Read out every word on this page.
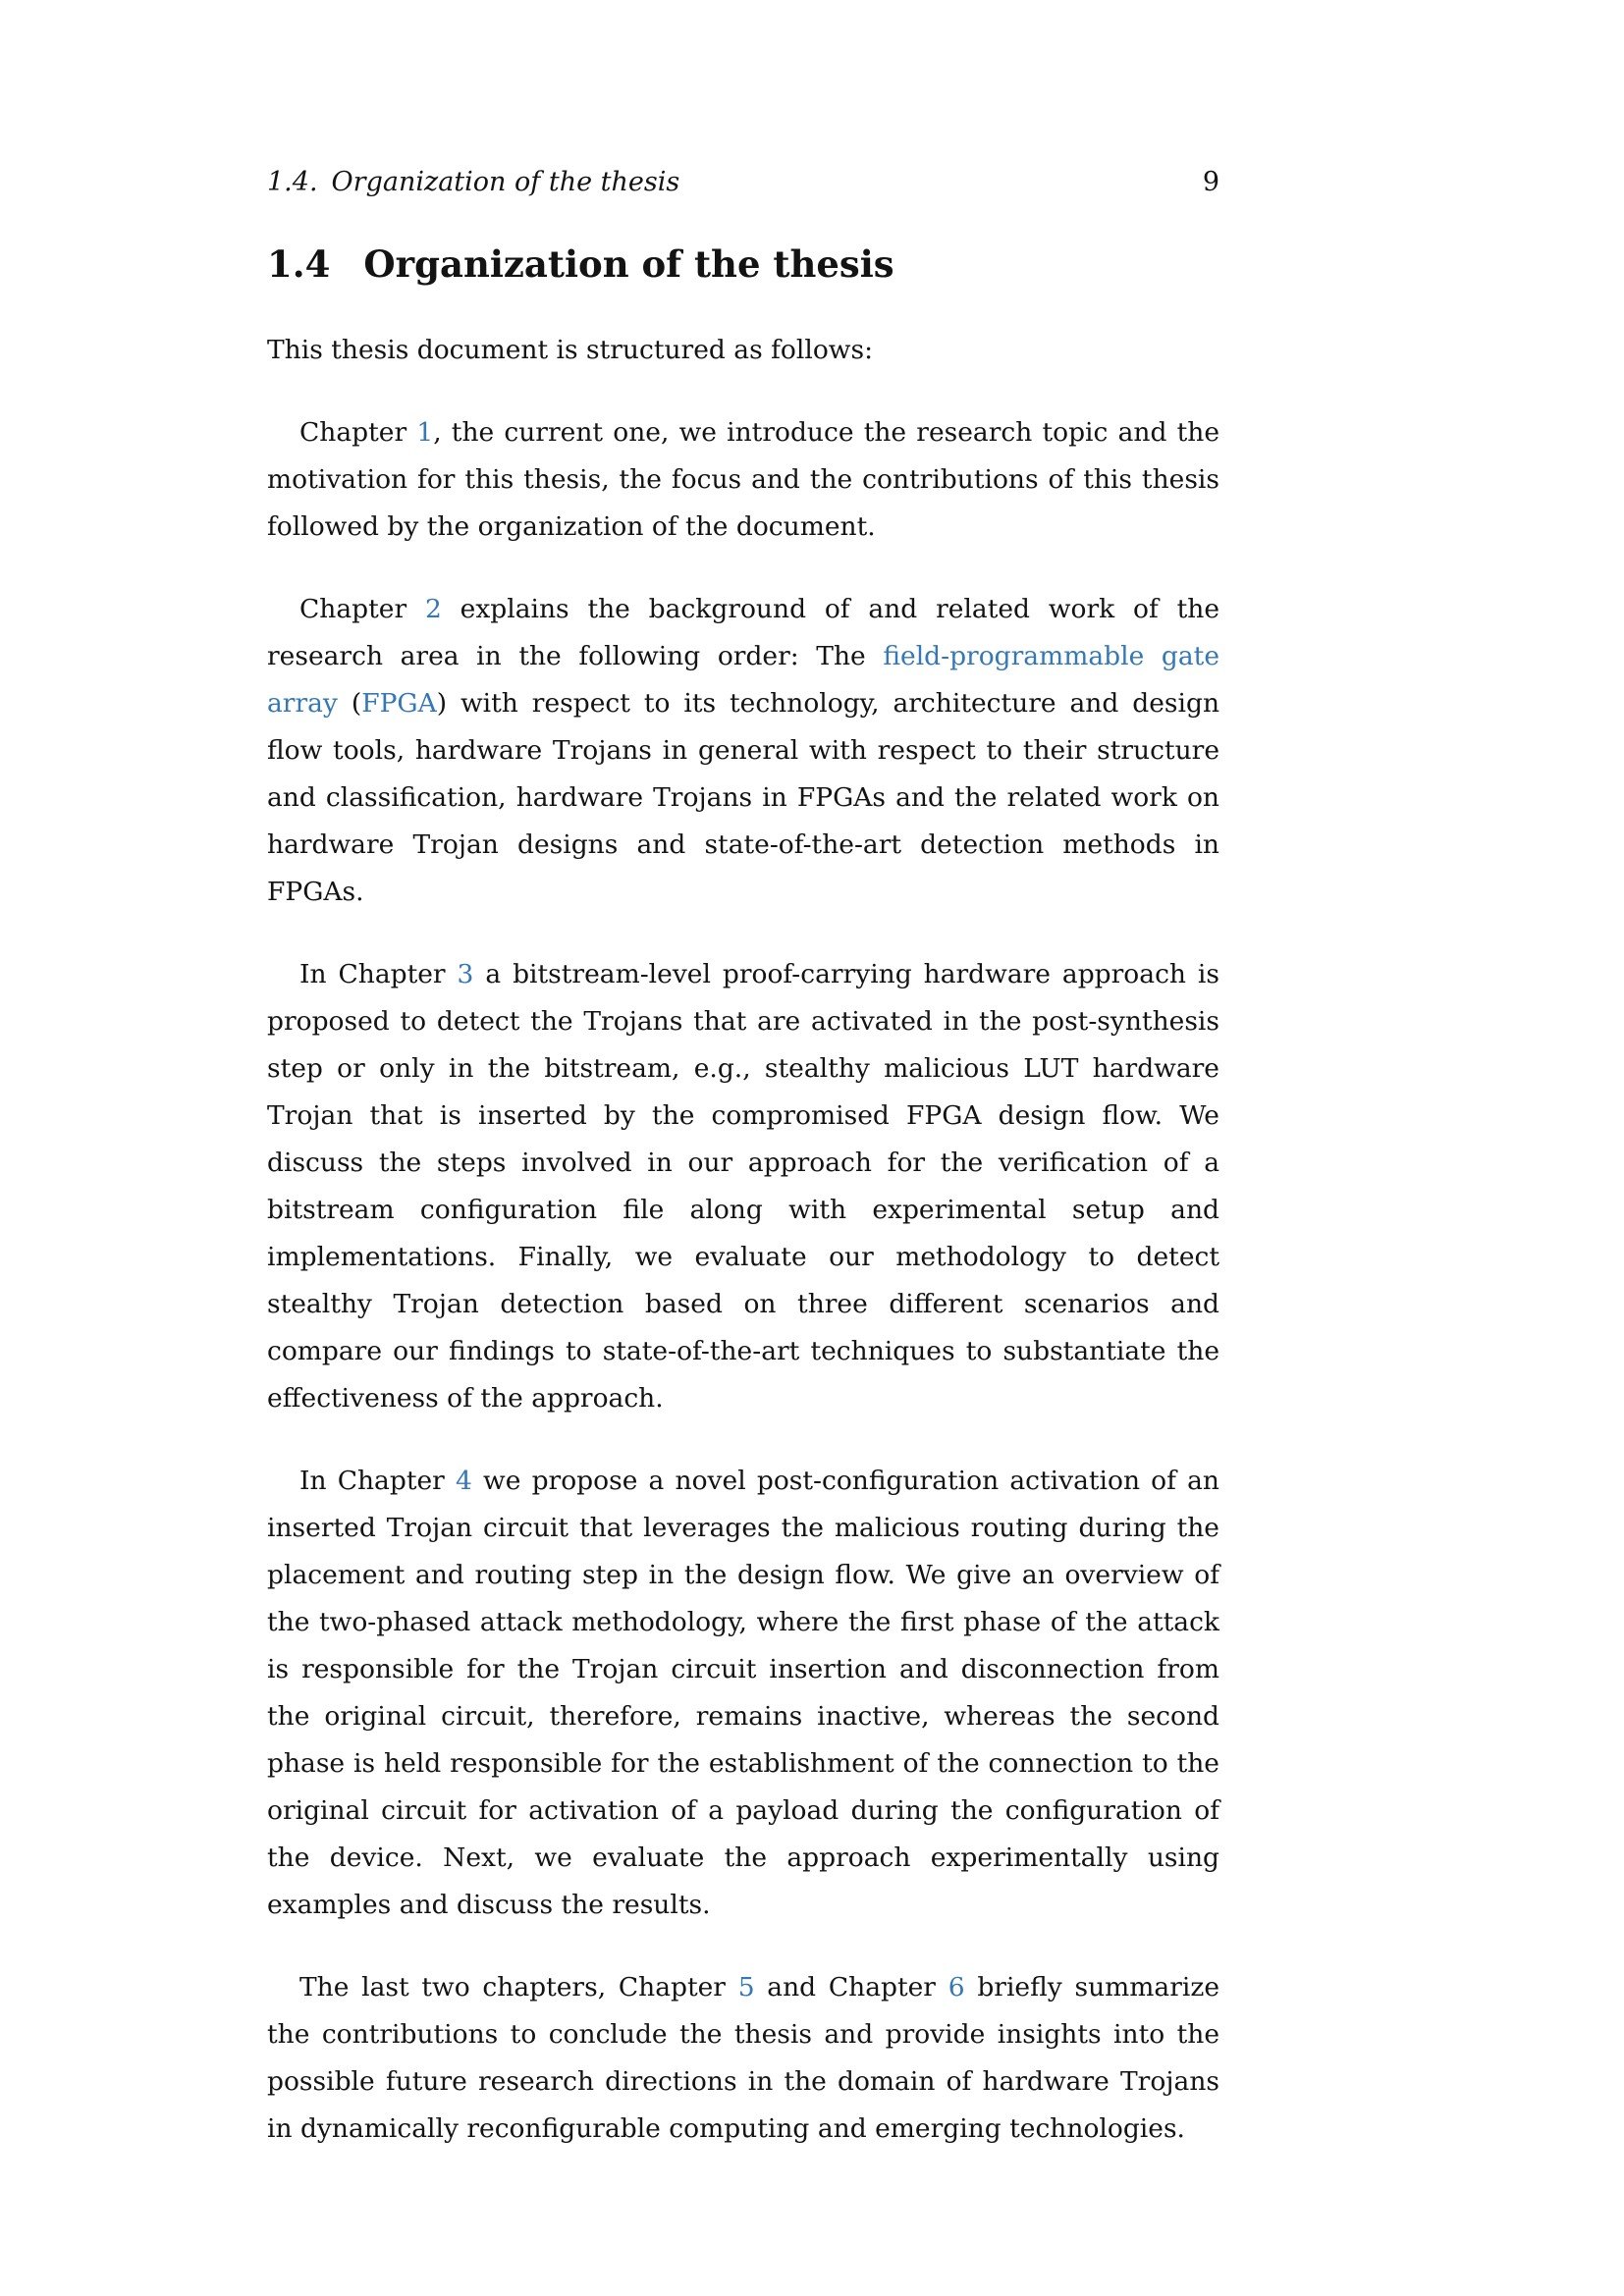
1.4. Organization of the thesis	9
1.4 Organization of the thesis

This thesis document is structured as follows:

Chapter 1, the current one, we introduce the research topic and the motivation for this thesis, the focus and the contributions of this thesis followed by the organization of the document.

Chapter 2 explains the background of and related work of the research area in the following order: The field-programmable gate array (FPGA) with respect to its technology, architecture and design flow tools, hardware Trojans in general with respect to their structure and classification, hardware Trojans in FPGAs and the related work on hardware Trojan designs and state-of-the-art detection methods in FPGAs.

In Chapter 3 a bitstream-level proof-carrying hardware approach is proposed to detect the Trojans that are activated in the post-synthesis step or only in the bitstream, e.g., stealthy malicious LUT hardware Trojan that is inserted by the compromised FPGA design flow. We discuss the steps involved in our approach for the verification of a bitstream configuration file along with experimental setup and implementations. Finally, we evaluate our methodology to detect stealthy Trojan detection based on three different scenarios and compare our findings to state-of-the-art techniques to substantiate the effectiveness of the approach.

In Chapter 4 we propose a novel post-configuration activation of an inserted Trojan circuit that leverages the malicious routing during the placement and routing step in the design flow. We give an overview of the two-phased attack methodology, where the first phase of the attack is responsible for the Trojan circuit insertion and disconnection from the original circuit, therefore, remains inactive, whereas the second phase is held responsible for the establishment of the connection to the original circuit for activation of a payload during the configuration of the device. Next, we evaluate the approach experimentally using examples and discuss the results.

The last two chapters, Chapter 5 and Chapter 6 briefly summarize the contributions to conclude the thesis and provide insights into the possible future research directions in the domain of hardware Trojans in dynamically reconfigurable computing and emerging technologies.
